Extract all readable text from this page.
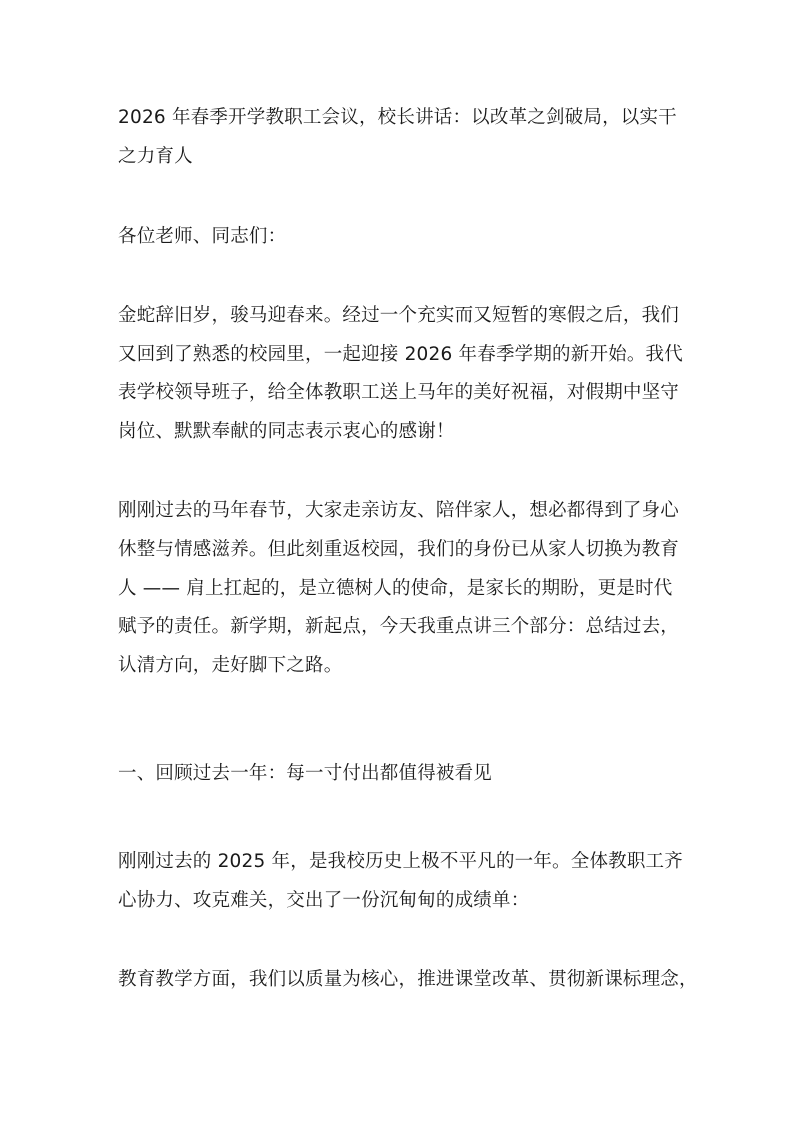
2026 年春季开学教职工会议，校长讲话：以改革之剑破局，以实干
之力育人
各位老师、同志们：
金蛇辞旧岁，骏马迎春来。经过一个充实而又短暂的寒假之后，我们
又回到了熟悉的校园里，一起迎接 2026 年春季学期的新开始。我代
表学校领导班子，给全体教职工送上马年的美好祝福，对假期中坚守
岗位、默默奉献的同志表示衷心的感谢！
刚刚过去的马年春节，大家走亲访友、陪伴家人，想必都得到了身心
休整与情感滋养。但此刻重返校园，我们的身份已从家人切换为教育
人 —— 肩上扛起的，是立德树人的使命，是家长的期盼，更是时代
赋予的责任。新学期，新起点，今天我重点讲三个部分：总结过去，
认清方向，走好脚下之路。
一、回顾过去一年：每一寸付出都值得被看见
刚刚过去的 2025 年，是我校历史上极不平凡的一年。全体教职工齐
心协力、攻克难关，交出了一份沉甸甸的成绩单：
教育教学方面，我们以质量为核心，推进课堂改革、贯彻新课标理念，
